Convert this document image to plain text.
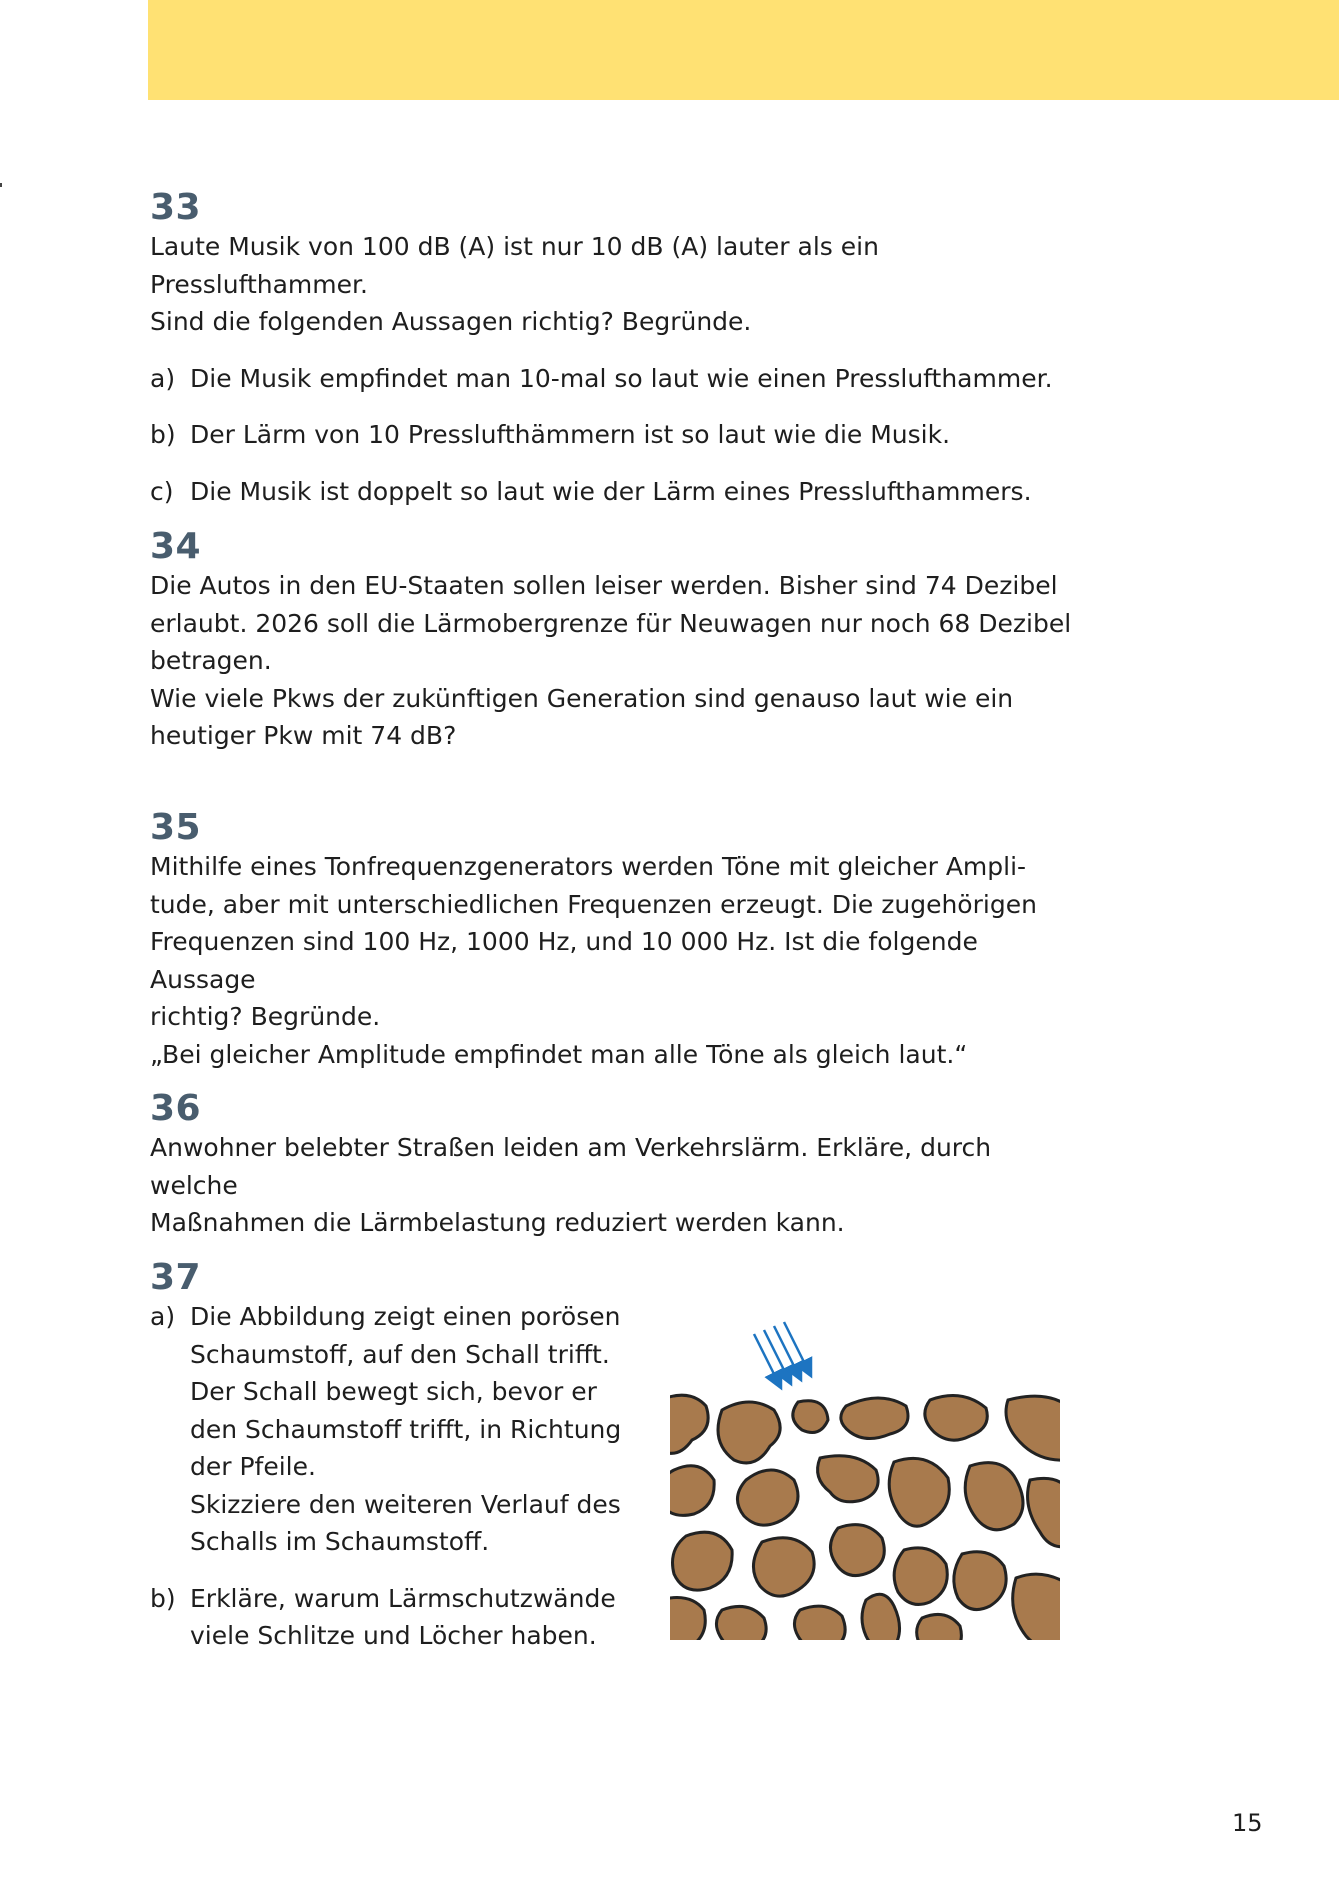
33

Laute Musik von 100 dB (A) ist nur 10 dB (A) lauter als ein Presslufthammer.

Sind die folgenden Aussagen richtig? Begründe.

a) Die Musik empfindet man 10-mal so laut wie einen Presslufthammer.
b) Der Lärm von 10 Presslufthämmern ist so laut wie die Musik.
c) Die Musik ist doppelt so laut wie der Lärm eines Presslufthammers.
34

Die Autos in den EU-Staaten sollen leiser werden. Bisher sind 74 Dezibel

erlaubt. 2026 soll die Lärmobergrenze für Neuwagen nur noch 68 Dezibel

betragen.

Wie viele Pkws der zukünftigen Generation sind genauso laut wie ein

heutiger Pkw mit 74 dB?

35

Mithilfe eines Tonfrequenzgenerators werden Töne mit gleicher Ampli-

tude, aber mit unterschiedlichen Frequenzen erzeugt. Die zugehörigen

Frequenzen sind 100 Hz, 1000 Hz, und 10 000 Hz. Ist die folgende Aussage

richtig? Begründe.

„Bei gleicher Amplitude empfindet man alle Töne als gleich laut.“

36

Anwohner belebter Straßen leiden am Verkehrslärm. Erkläre, durch welche

Maßnahmen die Lärmbelastung reduziert werden kann.

37
a) Die Abbildung zeigt einen porösen
Schaumstoff, auf den Schall trifft.
Der Schall bewegt sich, bevor er
den Schaumstoff trifft, in Richtung
der Pfeile.
Skizziere den weiteren Verlauf des
Schalls im Schaumstoff.
b) Erkläre, warum Lärmschutzwände
viele Schlitze und Löcher haben.
15
